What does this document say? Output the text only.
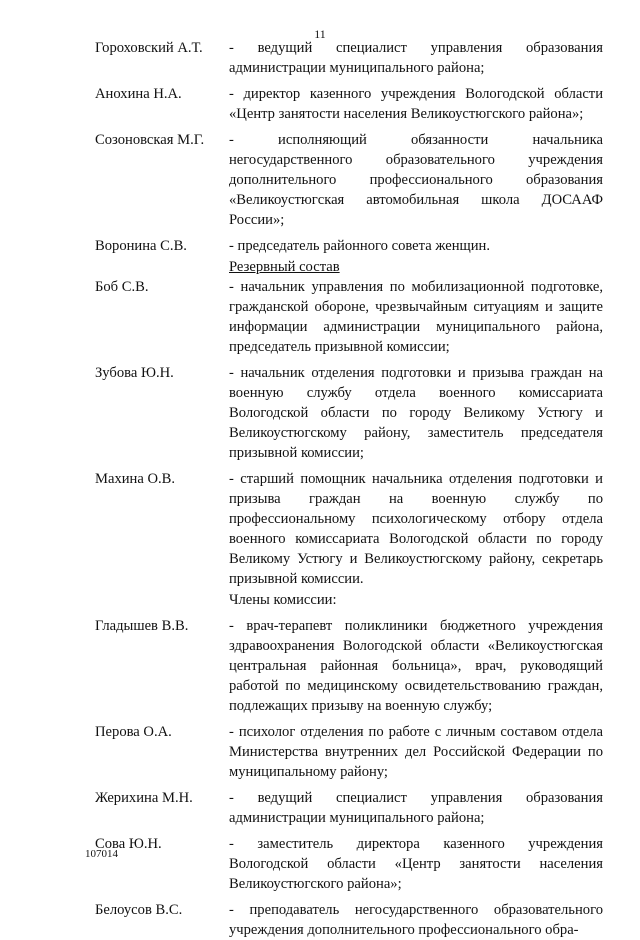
11
Гороховский А.Т.	- ведущий специалист управления образования администрации муниципального района;

Анохина Н.А.	- директор казенного учреждения Вологодской области «Центр занятости населения Великоустюгского района»;

Созоновская М.Г.	- исполняющий обязанности начальника негосударственного образовательного учреждения дополнительного профессионального образования «Великоустюгская автомобильная школа ДОСААФ России»;

Воронина С.В.	- председатель районного совета женщин.

Резервный состав
Боб С.В.	- начальник управления по мобилизационной подготовке, гражданской обороне, чрезвычайным ситуациям и защите информации администрации муниципального района, председатель призывной комиссии;

Зубова Ю.Н.	- начальник отделения подготовки и призыва граждан на военную службу отдела военного комиссариата Вологодской области по городу Великому Устюгу и Великоустюгскому району, заместитель председателя призывной комиссии;

Махина О.В.	- старший помощник начальника отделения подготовки и призыва граждан на военную службу по профессиональному психологическому отбору отдела военного комиссариата Вологодской области по городу Великому Устюгу и Великоустюгскому району, секретарь призывной комиссии.

Члены комиссии:
Гладышев В.В.	- врач-терапевт поликлиники бюджетного учреждения здравоохранения Вологодской области «Великоустюгская центральная районная больница», врач, руководящий работой по медицинскому освидетельствованию граждан, подлежащих призыву на военную службу;

Перова О.А.	- психолог отделения по работе с личным составом отдела Министерства внутренних дел Российской Федерации по муниципальному району;

Жерихина М.Н.	- ведущий специалист управления образования администрации муниципального района;

Сова Ю.Н.	- заместитель директора казенного учреждения Вологодской области «Центр занятости населения Великоустюгского района»;

Белоусов В.С.	- преподаватель негосударственного образовательного учреждения дополнительного профессионального обра-

107014
